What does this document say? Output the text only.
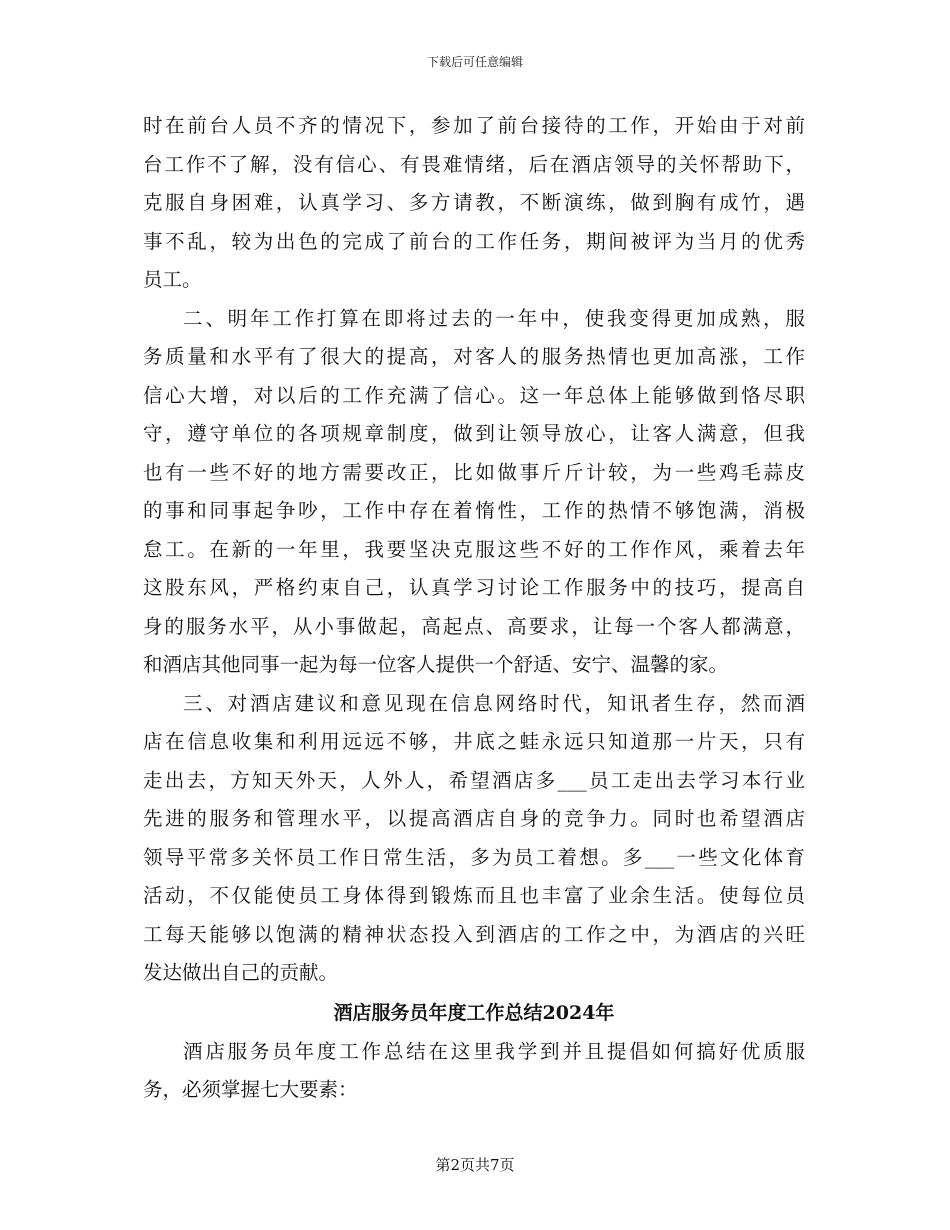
下载后可任意编辑
时在前台人员不齐的情况下，参加了前台接待的工作，开始由于对前
台工作不了解，没有信心、有畏难情绪，后在酒店领导的关怀帮助下，
克服自身困难，认真学习、多方请教，不断演练，做到胸有成竹，遇
事不乱，较为出色的完成了前台的工作任务，期间被评为当月的优秀
员工。
二、明年工作打算在即将过去的一年中，使我变得更加成熟，服
务质量和水平有了很大的提高，对客人的服务热情也更加高涨，工作
信心大增，对以后的工作充满了信心。这一年总体上能够做到恪尽职
守，遵守单位的各项规章制度，做到让领导放心，让客人满意，但我
也有一些不好的地方需要改正，比如做事斤斤计较，为一些鸡毛蒜皮
的事和同事起争吵，工作中存在着惰性，工作的热情不够饱满，消极
怠工。在新的一年里，我要坚决克服这些不好的工作作风，乘着去年
这股东风，严格约束自己，认真学习讨论工作服务中的技巧，提高自
身的服务水平，从小事做起，高起点、高要求，让每一个客人都满意，
和酒店其他同事一起为每一位客人提供一个舒适、安宁、温馨的家。
三、对酒店建议和意见现在信息网络时代，知讯者生存，然而酒
店在信息收集和利用远远不够，井底之蛙永远只知道那一片天，只有
走出去，方知天外天，人外人，希望酒店多___员工走出去学习本行业
先进的服务和管理水平，以提高酒店自身的竞争力。同时也希望酒店
领导平常多关怀员工作日常生活，多为员工着想。多___一些文化体育
活动，不仅能使员工身体得到锻炼而且也丰富了业余生活。使每位员
工每天能够以饱满的精神状态投入到酒店的工作之中，为酒店的兴旺
发达做出自己的贡献。
酒店服务员年度工作总结2024年
酒店服务员年度工作总结在这里我学到并且提倡如何搞好优质服
务，必须掌握七大要素：
第2页共7页
